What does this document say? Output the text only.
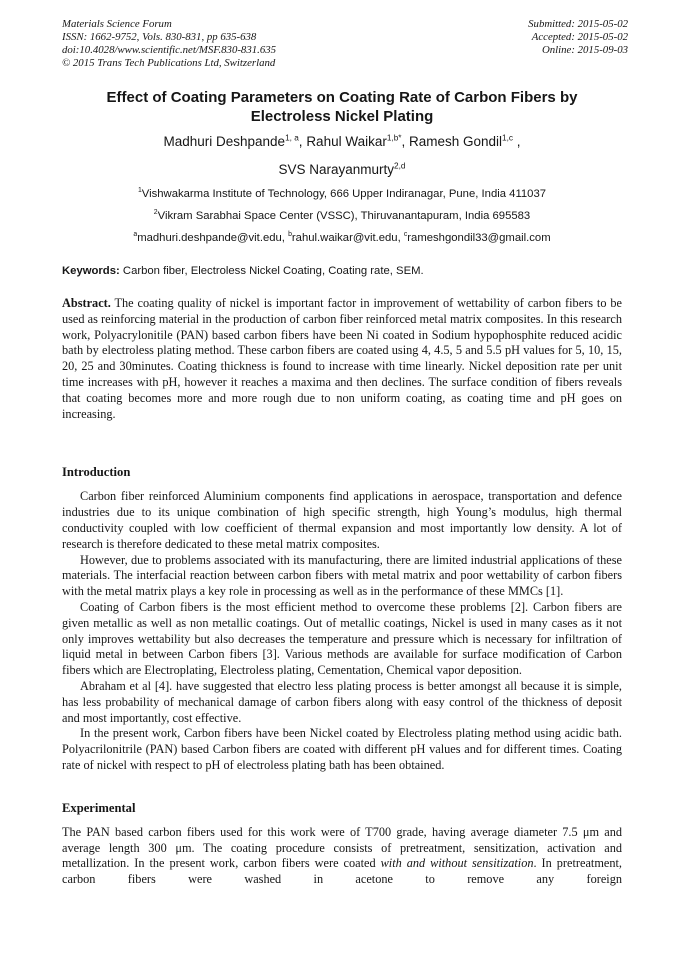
Materials Science Forum
ISSN: 1662-9752, Vols. 830-831, pp 635-638
doi:10.4028/www.scientific.net/MSF.830-831.635
© 2015 Trans Tech Publications Ltd, Switzerland
Submitted: 2015-05-02
Accepted: 2015-05-02
Online: 2015-09-03
Effect of Coating Parameters on Coating Rate of Carbon Fibers by
Electroless Nickel Plating
Madhuri Deshpande$^{1, a}$, Rahul Waikar$^{1,b*}$, Ramesh Gondil$^{1,c}$ ,
SVS Narayanmurty$^{2,d}$
$^1$Vishwakarma Institute of Technology, 666 Upper Indiranagar, Pune, India 411037
$^2$Vikram Sarabhai Space Center (VSSC), Thiruvanantapuram, India 695583
$^a$madhuri.deshpande@vit.edu, $^b$rahul.waikar@vit.edu, $^c$rameshgondil33@gmail.com
Keywords: Carbon fiber, Electroless Nickel Coating, Coating rate, SEM.

Abstract. The coating quality of nickel is important factor in improvement of wettability of carbon fibers to be used as reinforcing material in the production of carbon fiber reinforced metal matrix composites. In this research work, Polyacrylonitile (PAN) based carbon fibers have been Ni coated in Sodium hypophosphite reduced acidic bath by electroless plating method. These carbon fibers are coated using 4, 4.5, 5 and 5.5 pH values for 5, 10, 15, 20, 25 and 30minutes. Coating thickness is found to increase with time linearly. Nickel deposition rate per unit time increases with pH, however it reaches a maxima and then declines. The surface condition of fibers reveals that coating becomes more and more rough due to non uniform coating, as coating time and pH goes on increasing.

Introduction

Carbon fiber reinforced Aluminium components find applications in aerospace, transportation and defence industries due to its unique combination of high specific strength, high Young’s modulus, high thermal conductivity coupled with low coefficient of thermal expansion and most importantly low density. A lot of research is therefore dedicated to these metal matrix composites.

However, due to problems associated with its manufacturing, there are limited industrial applications of these materials. The interfacial reaction between carbon fibers with metal matrix and poor wettability of carbon fibers with the metal matrix plays a key role in processing as well as in the performance of these MMCs [1].

Coating of Carbon fibers is the most efficient method to overcome these problems [2]. Carbon fibers are given metallic as well as non metallic coatings. Out of metallic coatings, Nickel is used in many cases as it not only improves wettability but also decreases the temperature and pressure which is necessary for infiltration of liquid metal in between Carbon fibers [3]. Various methods are available for surface modification of Carbon fibers which are Electroplating, Electroless plating, Cementation, Chemical vapor deposition.

Abraham et al [4]. have suggested that electro less plating process is better amongst all because it is simple, has less probability of mechanical damage of carbon fibers along with easy control of the thickness of deposit and most importantly, cost effective.

In the present work, Carbon fibers have been Nickel coated by Electroless plating method using acidic bath. Polyacrilonitrile (PAN) based Carbon fibers are coated with different pH values and for different times. Coating rate of nickel with respect to pH of electroless plating bath has been obtained.

Experimental

The PAN based carbon fibers used for this work were of T700 grade, having average diameter 7.5 μm and average length 300 μm. The coating procedure consists of pretreatment, sensitization, activation and metallization. In the present work, carbon fibers were coated with and without sensitization. In pretreatment, carbon fibers were washed in acetone to remove any foreign
